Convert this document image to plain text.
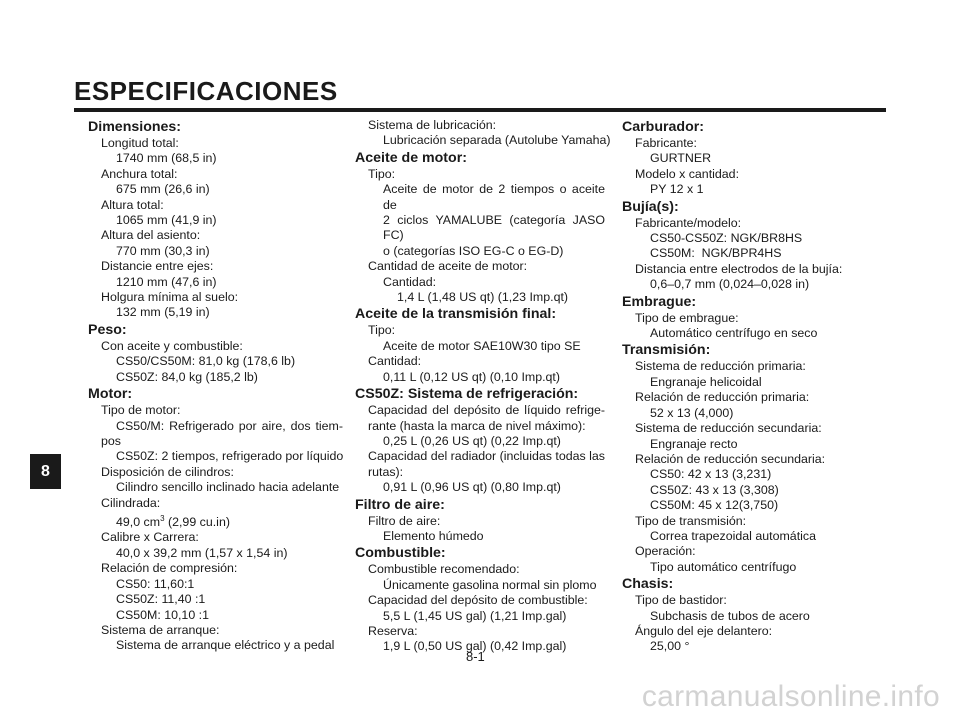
ESPECIFICACIONES
Dimensiones:
Longitud total:
1740 mm (68,5 in)
Anchura total:
675 mm (26,6 in)
Altura total:
1065 mm (41,9 in)
Altura del asiento:
770 mm (30,3 in)
Distancie entre ejes:
1210 mm (47,6 in)
Holgura mínima al suelo:
132 mm (5,19 in)
Peso:
Con aceite y combustible:
CS50/CS50M: 81,0 kg (178,6 lb)
CS50Z: 84,0 kg (185,2 lb)
Motor:
Tipo de motor:
CS50/M: Refrigerado por aire, dos tiem-
pos
CS50Z: 2 tiempos, refrigerado por líquido
Disposición de cilindros:
Cilindro sencillo inclinado hacia adelante
Cilindrada:
49,0 $cm^3$ (2,99 cu.in)
Calibre x Carrera:
40,0 x 39,2 mm (1,57 x 1,54 in)
Relación de compresión:
CS50: 11,60:1
CS50Z: 11,40 :1
CS50M: 10,10 :1
Sistema de arranque:
Sistema de arranque eléctrico y a pedal
Sistema de lubricación:
Lubricación separada (Autolube Yamaha)
Aceite de motor:
Tipo:
Aceite de motor de 2 tiempos o aceite de
2 ciclos YAMALUBE (categoría JASO FC)
o (categorías ISO EG-C o EG-D)
Cantidad de aceite de motor:
Cantidad:
1,4 L (1,48 US qt) (1,23 Imp.qt)
Aceite de la transmisión final:
Tipo:
Aceite de motor SAE10W30 tipo SE
Cantidad:
0,11 L (0,12 US qt) (0,10 Imp.qt)
CS50Z: Sistema de refrigeración:
Capacidad del depósito de líquido refrige-
rante (hasta la marca de nivel máximo):
0,25 L (0,26 US qt) (0,22 Imp.qt)
Capacidad del radiador (incluidas todas las
rutas):
0,91 L (0,96 US qt) (0,80 Imp.qt)
Filtro de aire:
Filtro de aire:
Elemento húmedo
Combustible:
Combustible recomendado:
Únicamente gasolina normal sin plomo
Capacidad del depósito de combustible:
5,5 L (1,45 US gal) (1,21 Imp.gal)
Reserva:
1,9 L (0,50 US gal) (0,42 Imp.gal)
Carburador:
Fabricante:
GURTNER
Modelo x cantidad:
PY 12 x 1
Bujía(s):
Fabricante/modelo:
CS50-CS50Z: NGK/BR8HS
CS50M:  NGK/BPR4HS
Distancia entre electrodos de la bujía:
0,6–0,7 mm (0,024–0,028 in)
Embrague:
Tipo de embrague:
Automático centrífugo en seco
Transmisión:
Sistema de reducción primaria:
Engranaje helicoidal
Relación de reducción primaria:
52 x 13 (4,000)
Sistema de reducción secundaria:
Engranaje recto
Relación de reducción secundaria:
CS50: 42 x 13 (3,231)
CS50Z: 43 x 13 (3,308)
CS50M: 45 x 12(3,750)
Tipo de transmisión:
Correa trapezoidal automática
Operación:
Tipo automático centrífugo
Chasis:
Tipo de bastidor:
Subchasis de tubos de acero
Ángulo del eje delantero:
25,00 °
8
8-1
carmanualsonline.info
